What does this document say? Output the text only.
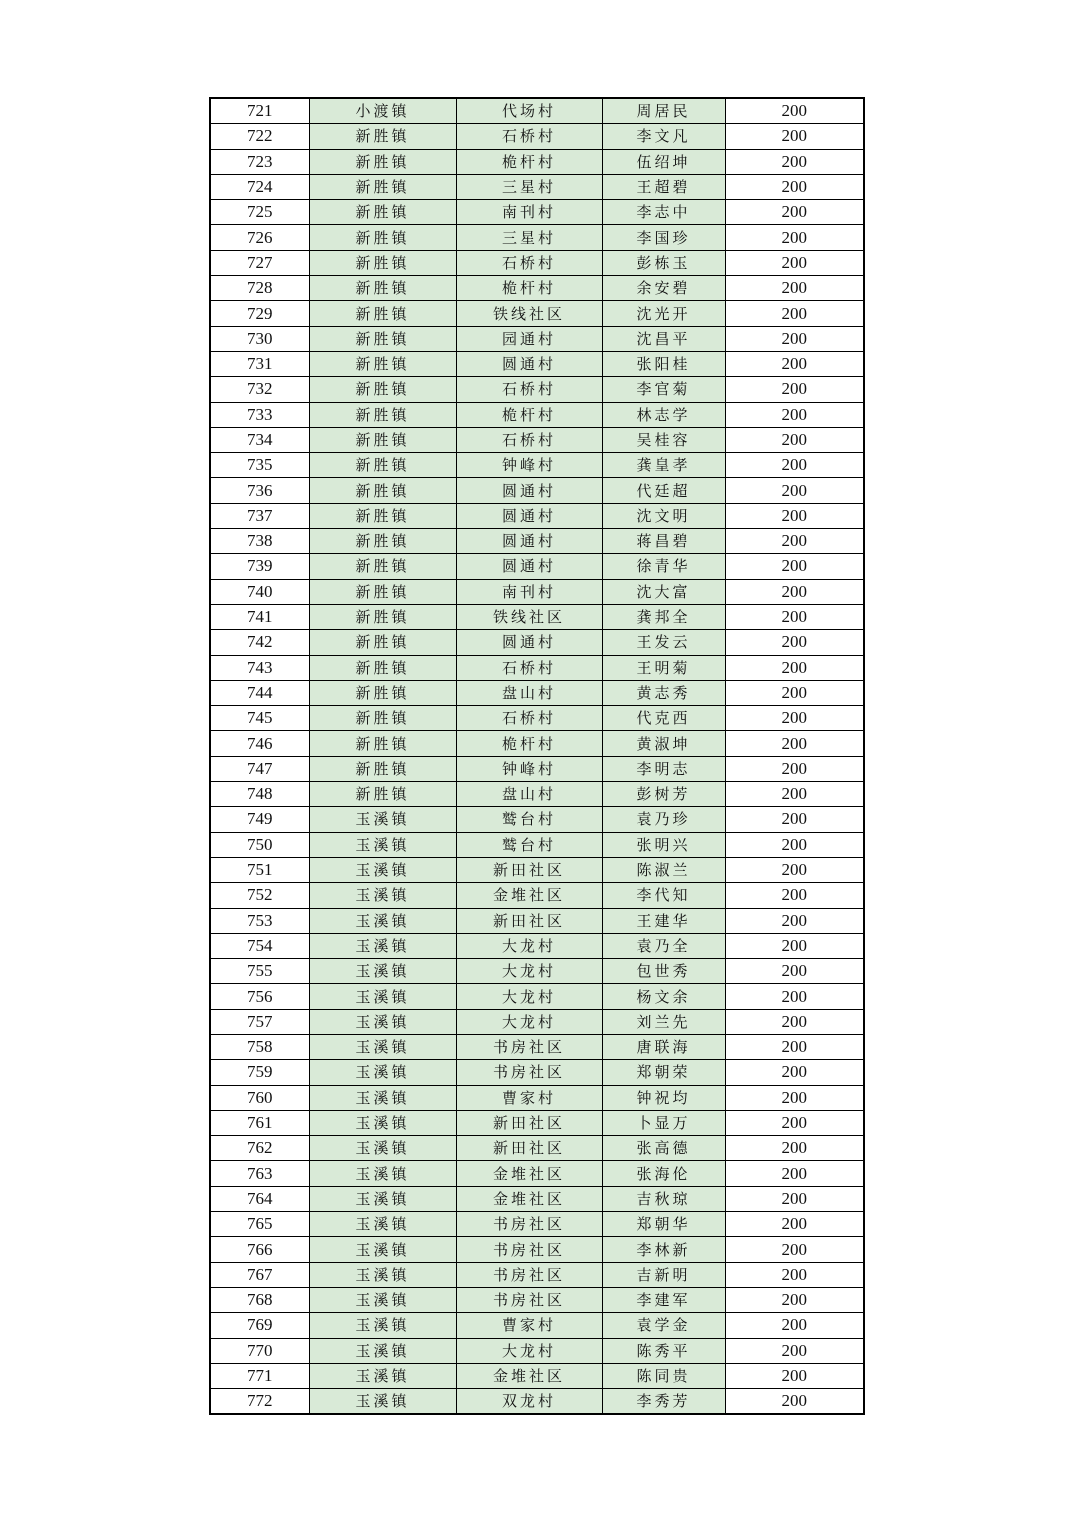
721	小渡镇	代场村	周居民	200
722	新胜镇	石桥村	李文凡	200
723	新胜镇	桅杆村	伍绍坤	200
724	新胜镇	三星村	王超碧	200
725	新胜镇	南刊村	李志中	200
726	新胜镇	三星村	李国珍	200
727	新胜镇	石桥村	彭栋玉	200
728	新胜镇	桅杆村	余安碧	200
729	新胜镇	铁线社区	沈光开	200
730	新胜镇	园通村	沈昌平	200
731	新胜镇	圆通村	张阳桂	200
732	新胜镇	石桥村	李官菊	200
733	新胜镇	桅杆村	林志学	200
734	新胜镇	石桥村	吴桂容	200
735	新胜镇	钟峰村	龚皇孝	200
736	新胜镇	圆通村	代廷超	200
737	新胜镇	圆通村	沈文明	200
738	新胜镇	圆通村	蒋昌碧	200
739	新胜镇	圆通村	徐青华	200
740	新胜镇	南刊村	沈大富	200
741	新胜镇	铁线社区	龚邦全	200
742	新胜镇	圆通村	王发云	200
743	新胜镇	石桥村	王明菊	200
744	新胜镇	盘山村	黄志秀	200
745	新胜镇	石桥村	代克西	200
746	新胜镇	桅杆村	黄淑坤	200
747	新胜镇	钟峰村	李明志	200
748	新胜镇	盘山村	彭树芳	200
749	玉溪镇	鹫台村	袁乃珍	200
750	玉溪镇	鹫台村	张明兴	200
751	玉溪镇	新田社区	陈淑兰	200
752	玉溪镇	金堆社区	李代知	200
753	玉溪镇	新田社区	王建华	200
754	玉溪镇	大龙村	袁乃全	200
755	玉溪镇	大龙村	包世秀	200
756	玉溪镇	大龙村	杨文余	200
757	玉溪镇	大龙村	刘兰先	200
758	玉溪镇	书房社区	唐联海	200
759	玉溪镇	书房社区	郑朝荣	200
760	玉溪镇	曹家村	钟祝均	200
761	玉溪镇	新田社区	卜显万	200
762	玉溪镇	新田社区	张高德	200
763	玉溪镇	金堆社区	张海伦	200
764	玉溪镇	金堆社区	吉秋琼	200
765	玉溪镇	书房社区	郑朝华	200
766	玉溪镇	书房社区	李林新	200
767	玉溪镇	书房社区	吉新明	200
768	玉溪镇	书房社区	李建军	200
769	玉溪镇	曹家村	袁学金	200
770	玉溪镇	大龙村	陈秀平	200
771	玉溪镇	金堆社区	陈同贵	200
772	玉溪镇	双龙村	李秀芳	200
